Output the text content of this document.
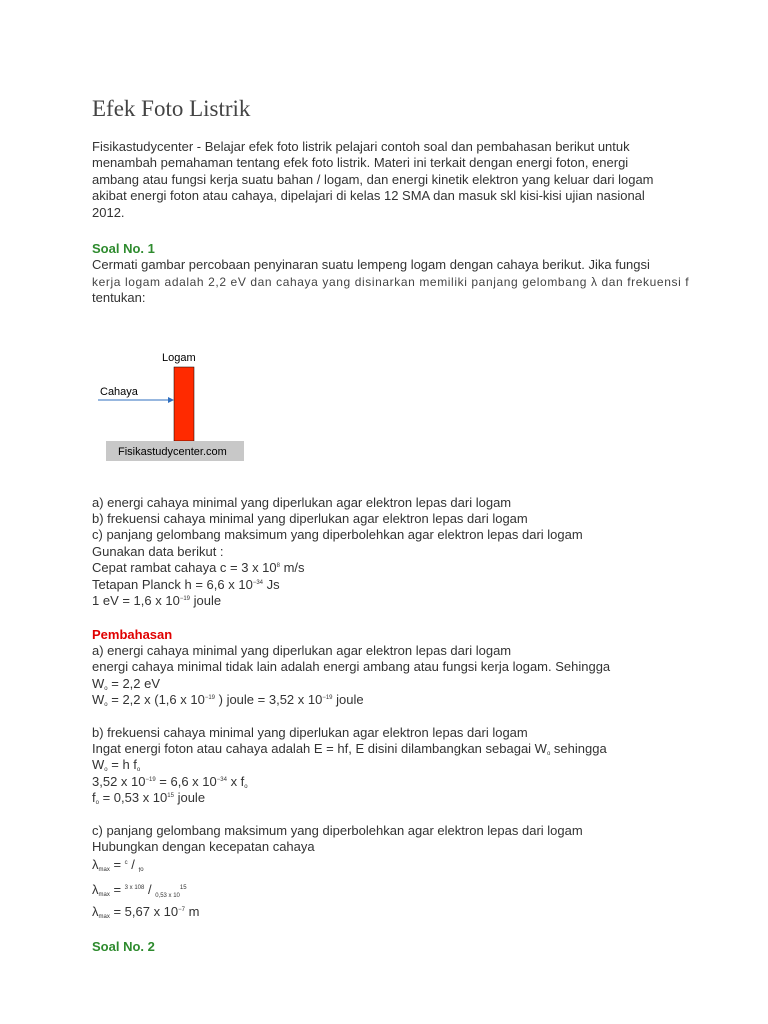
Efek Foto Listrik
Fisikastudycenter - Belajar efek foto listrik pelajari contoh soal dan pembahasan berikut untuk
menambah pemahaman tentang efek foto listrik. Materi ini terkait dengan energi foton, energi
ambang atau fungsi kerja suatu bahan / logam, dan energi kinetik elektron yang keluar dari logam
akibat energi foton atau cahaya, dipelajari di kelas 12 SMA dan masuk skl kisi-kisi ujian nasional
2012.
Soal No. 1
Cermati gambar percobaan penyinaran suatu lempeng logam dengan cahaya berikut. Jika fungsi
kerja logam adalah 2,2 eV dan cahaya yang disinarkan memiliki panjang gelombang λ dan frekuensi f
tentukan:
Logam
Cahaya
Fisikastudycenter.com
a) energi cahaya minimal yang diperlukan agar elektron lepas dari logam
b) frekuensi cahaya minimal yang diperlukan agar elektron lepas dari logam
c) panjang gelombang maksimum yang diperbolehkan agar elektron lepas dari logam
Gunakan data berikut :
Cepat rambat cahaya c = 3 x $10^8$ m/s
Tetapan Planck h = 6,6 x $10^{-34}$ Js
1 eV = 1,6 x $10^{-19}$ joule
Pembahasan
a) energi cahaya minimal yang diperlukan agar elektron lepas dari logam
energi cahaya minimal tidak lain adalah energi ambang atau fungsi kerja logam. Sehingga
$W_o = 2,2$ eV
$W_o = 2,2$ x (1,6 x $10^{-19}$ ) joule = 3,52 x $10^{-19}$ joule
b) frekuensi cahaya minimal yang diperlukan agar elektron lepas dari logam
Ingat energi foton atau cahaya adalah E = hf, E disini dilambangkan sebagai $W_o$ sehingga
$W_o = h$ $f_o$
3,52 x $10^{-19} = 6,6$ x $10^{-34}$ x $f_o$
$f_o = 0,53$ x $10^{15}$ joule
c) panjang gelombang maksimum yang diperbolehkan agar elektron lepas dari logam
Hubungkan dengan kecepatan cahaya
$\lambda_{max} = ^c / _{fo}$
$\lambda_{max} = ^{3 x 108} / _{0,53 x 10}^{15}$
$\lambda_{max} = 5,67$ x $10^{-7}$ m
Soal No. 2
